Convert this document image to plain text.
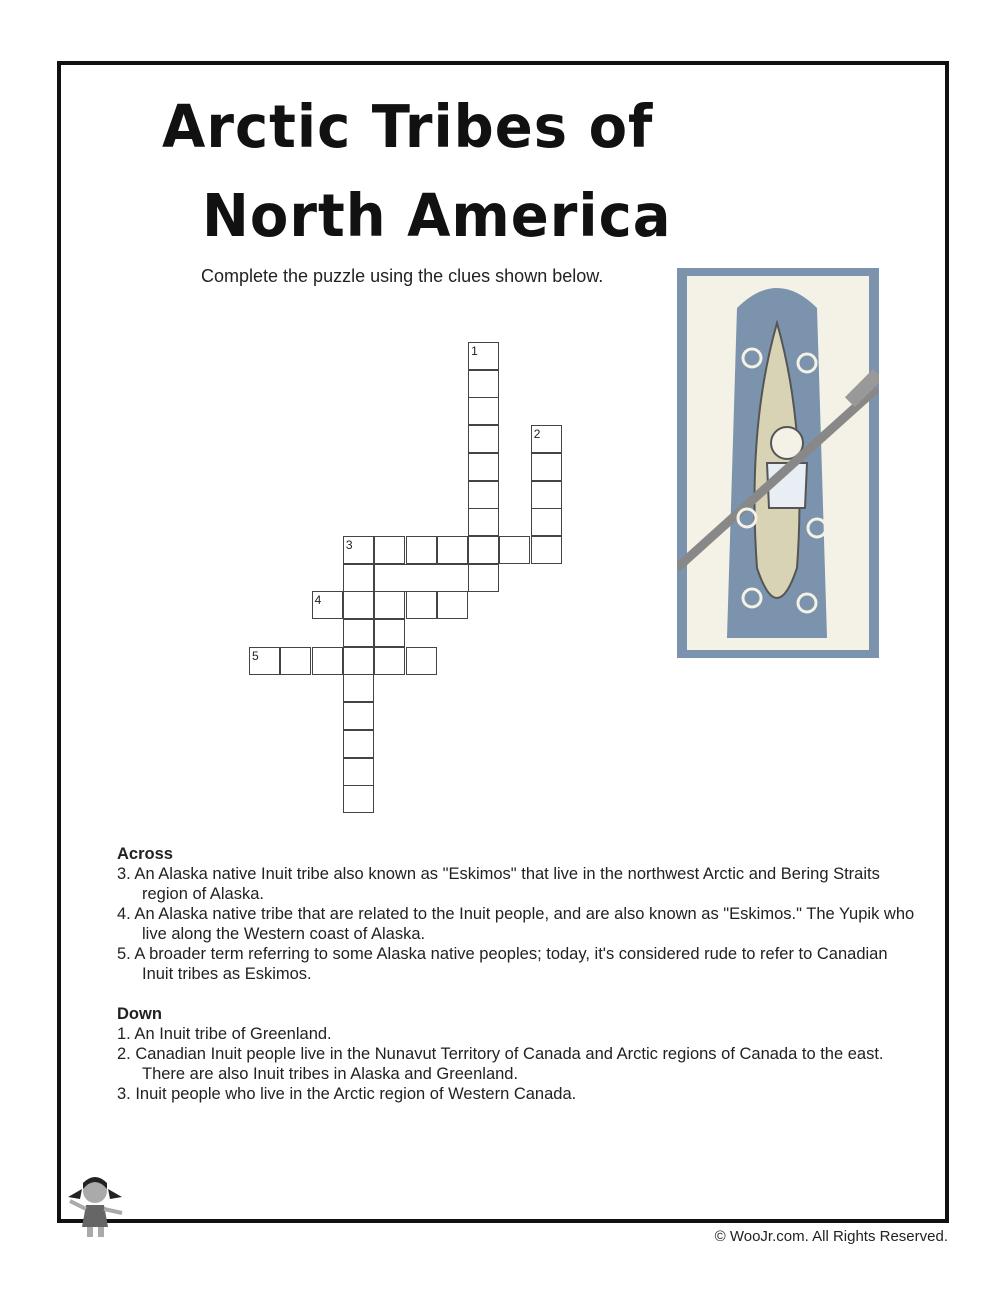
Arctic Tribes of
North America
Complete the puzzle using the clues shown below.
1
2
3
4
5
Across

3. An Alaska native Inuit tribe also known as "Eskimos" that live in the northwest Arctic and Bering Straits region of Alaska.

4. An Alaska native tribe that are related to the Inuit people, and are also known as "Eskimos." The Yupik who live along the Western coast of Alaska.

5. A broader term referring to some Alaska native peoples; today, it's considered rude to refer to Canadian Inuit tribes as Eskimos.

Down

1. An Inuit tribe of Greenland.

2. Canadian Inuit people live in the Nunavut Territory of Canada and Arctic regions of Canada to the east. There are also Inuit tribes in Alaska and Greenland.

3. Inuit people who live in the Arctic region of Western Canada.

© WooJr.com. All Rights Reserved.
